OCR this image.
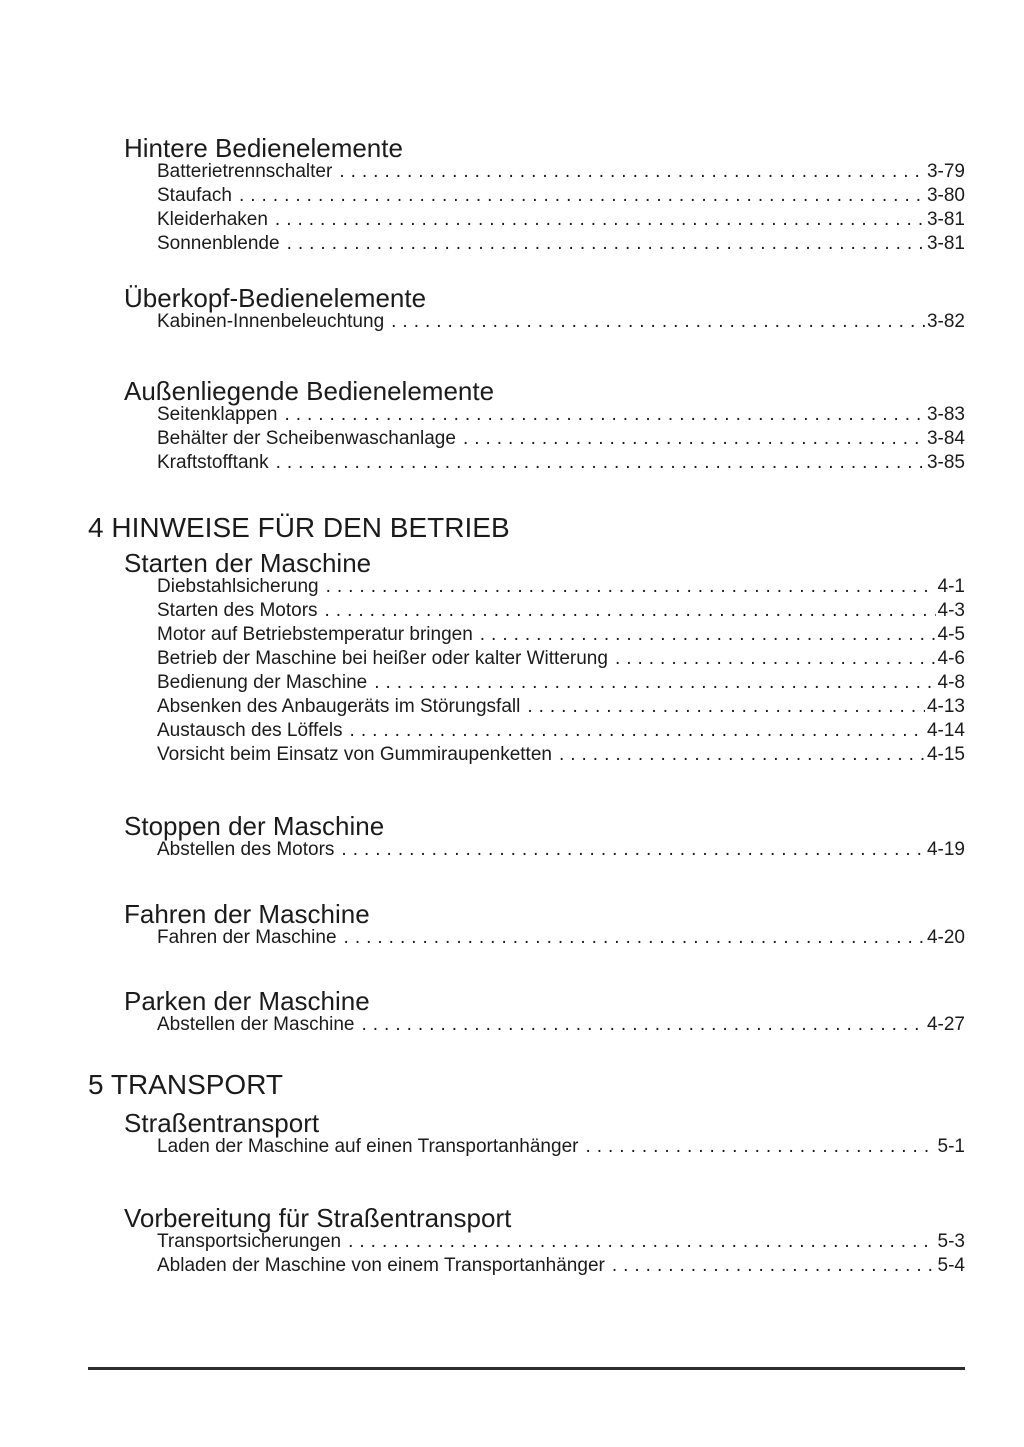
Hintere Bedienelemente
Batterietrennschalter .....	3-79
Staufach .....	3-80
Kleiderhaken .....	3-81
Sonnenblende .....	3-81
Überkopf-Bedienelemente
Kabinen-Innenbeleuchtung .....	3-82
Außenliegende Bedienelemente
Seitenklappen .....	3-83
Behälter der Scheibenwaschanlage .....	3-84
Kraftstofftank .....	3-85
4 HINWEISE FÜR DEN BETRIEB
Starten der Maschine
Diebstahlsicherung .....	4-1
Starten des Motors .....	4-3
Motor auf Betriebstemperatur bringen .....	4-5
Betrieb der Maschine bei heißer oder kalter Witterung .....	4-6
Bedienung der Maschine .....	4-8
Absenken des Anbaugeräts im Störungsfall .....	4-13
Austausch des Löffels .....	4-14
Vorsicht beim Einsatz von Gummiraupenketten .....	4-15
Stoppen der Maschine
Abstellen des Motors .....	4-19
Fahren der Maschine
Fahren der Maschine .....	4-20
Parken der Maschine
Abstellen der Maschine .....	4-27
5 TRANSPORT
Straßentransport
Laden der Maschine auf einen Transportanhänger .....	5-1
Vorbereitung für Straßentransport
Transportsicherungen .....	5-3
Abladen der Maschine von einem Transportanhänger .....	5-4
